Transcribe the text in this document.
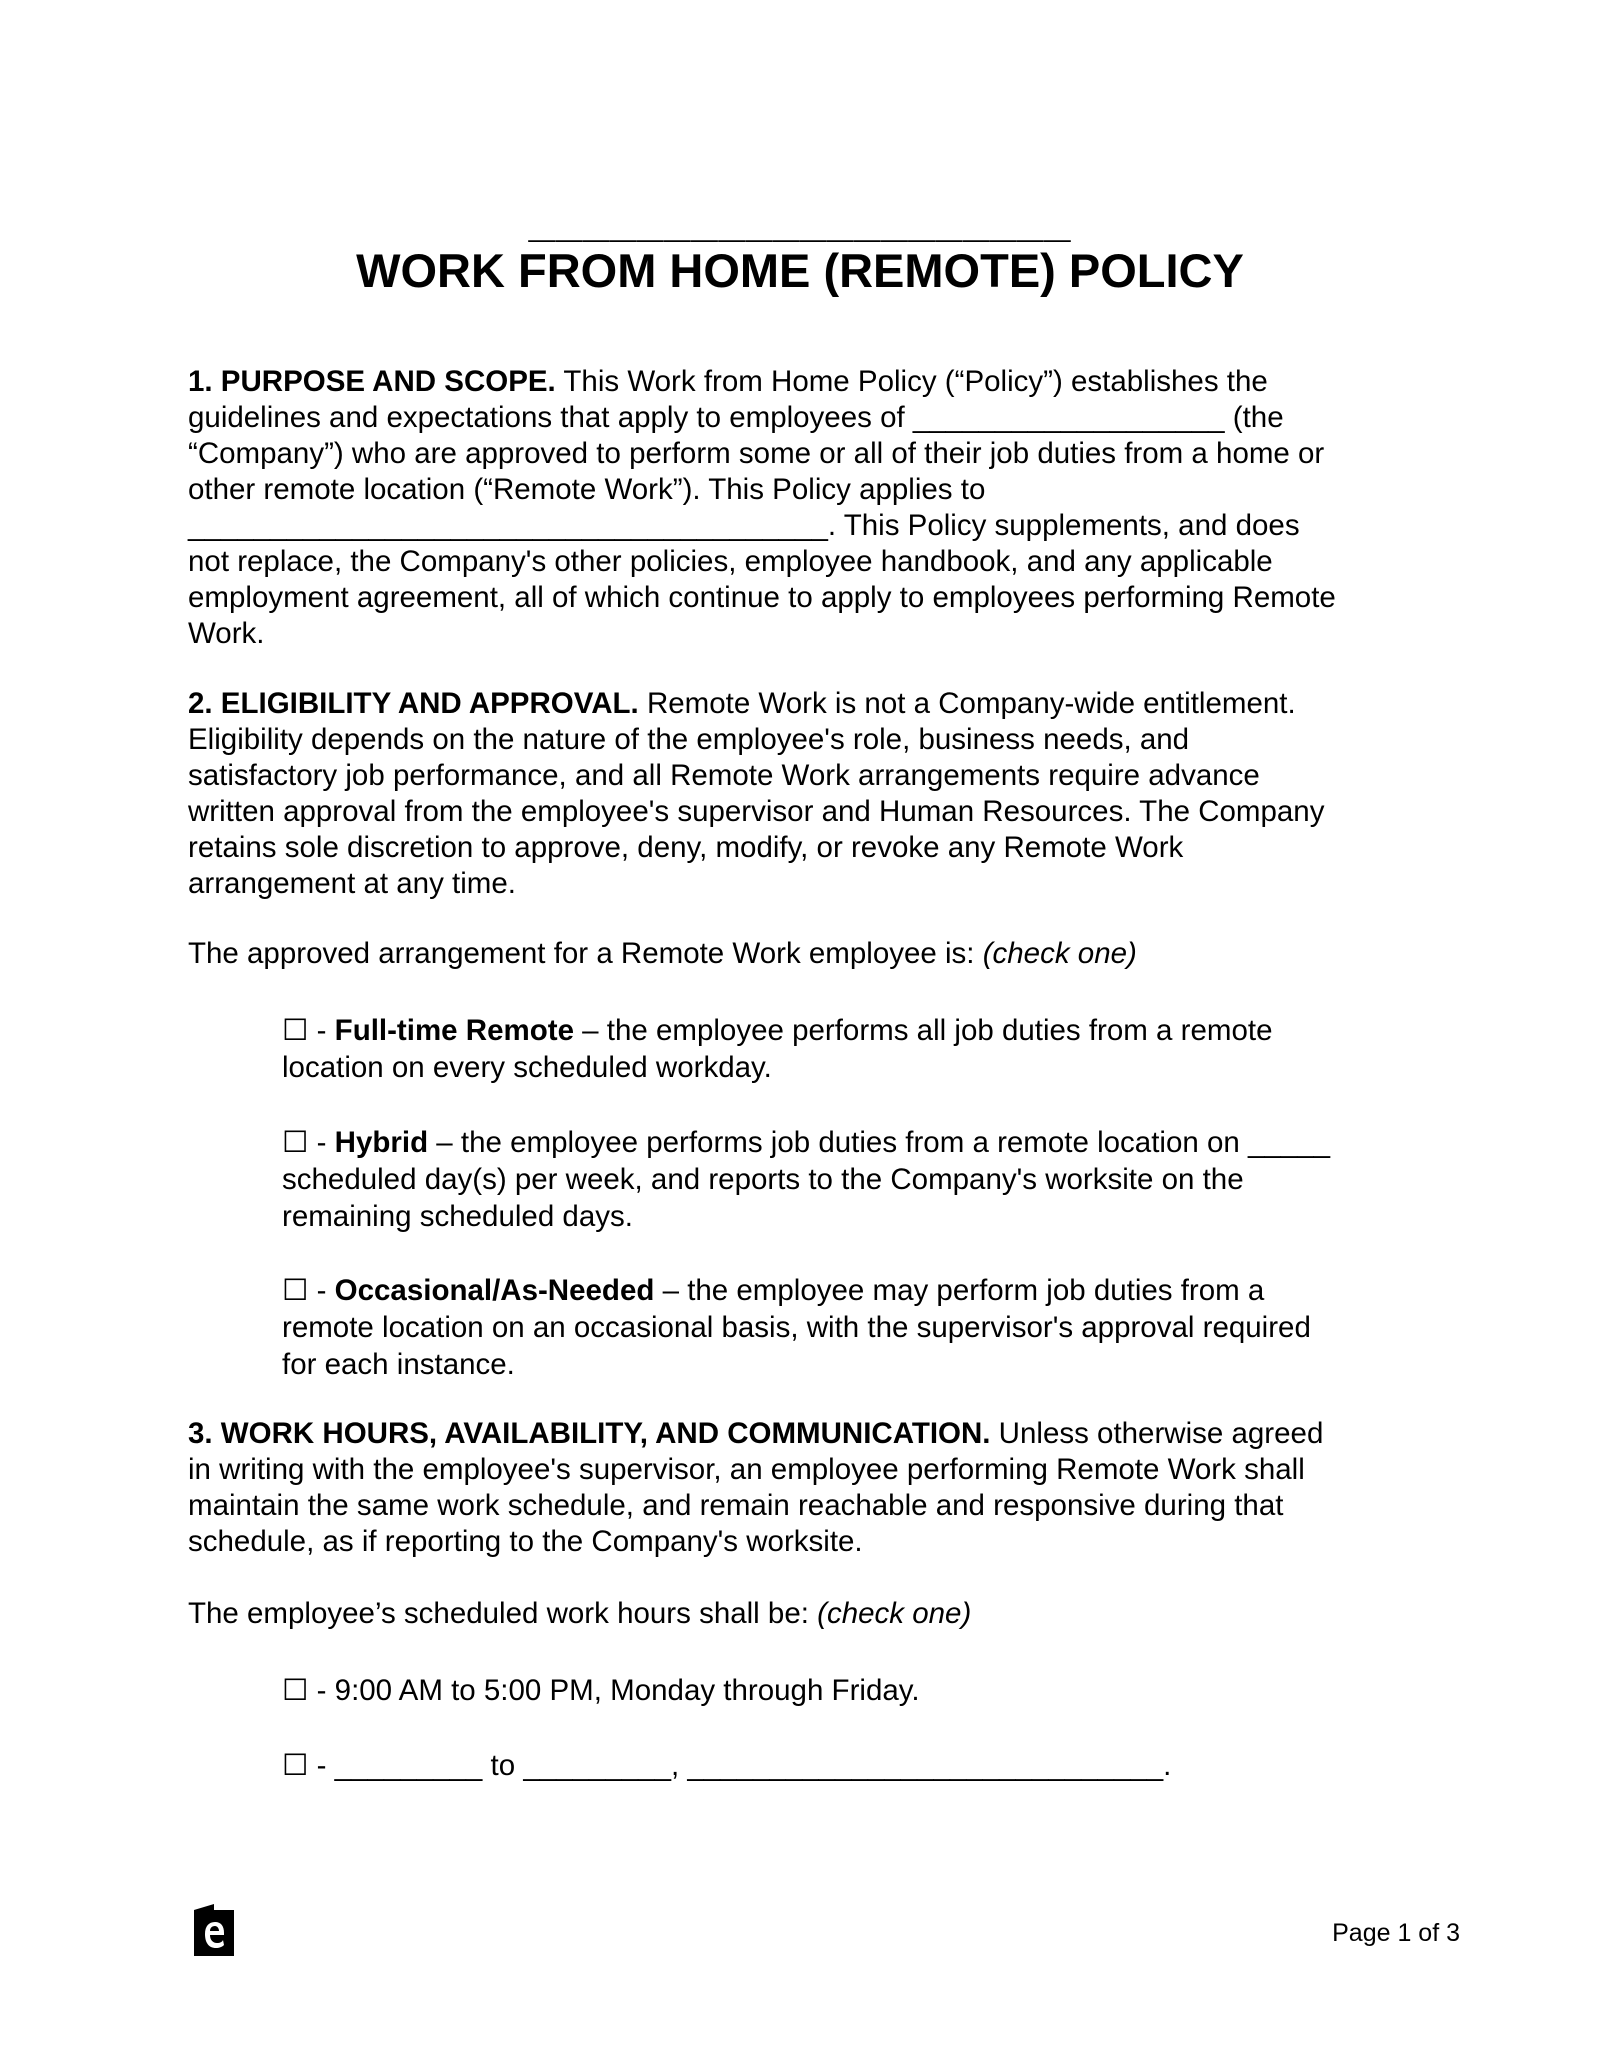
____________________
WORK FROM HOME (REMOTE) POLICY
1. PURPOSE AND SCOPE. This Work from Home Policy (“Policy”) establishes the
guidelines and expectations that apply to employees of ___________________ (the
“Company”) who are approved to perform some or all of their job duties from a home or
other remote location (“Remote Work”). This Policy applies to
_______________________________________. This Policy supplements, and does
not replace, the Company's other policies, employee handbook, and any applicable
employment agreement, all of which continue to apply to employees performing Remote
Work.
2. ELIGIBILITY AND APPROVAL. Remote Work is not a Company-wide entitlement.
Eligibility depends on the nature of the employee's role, business needs, and
satisfactory job performance, and all Remote Work arrangements require advance
written approval from the employee's supervisor and Human Resources. The Company
retains sole discretion to approve, deny, modify, or revoke any Remote Work
arrangement at any time.
The approved arrangement for a Remote Work employee is: (check one)
☐ - Full-time Remote – the employee performs all job duties from a remote
location on every scheduled workday.
☐ - Hybrid – the employee performs job duties from a remote location on _____
scheduled day(s) per week, and reports to the Company's worksite on the
remaining scheduled days.
☐ - Occasional/As-Needed – the employee may perform job duties from a
remote location on an occasional basis, with the supervisor's approval required
for each instance.
3. WORK HOURS, AVAILABILITY, AND COMMUNICATION. Unless otherwise agreed
in writing with the employee's supervisor, an employee performing Remote Work shall
maintain the same work schedule, and remain reachable and responsive during that
schedule, as if reporting to the Company's worksite.
The employee’s scheduled work hours shall be: (check one)
☐ - 9:00 AM to 5:00 PM, Monday through Friday.
☐ - _________ to _________, _____________________________.
Page 1 of 3
